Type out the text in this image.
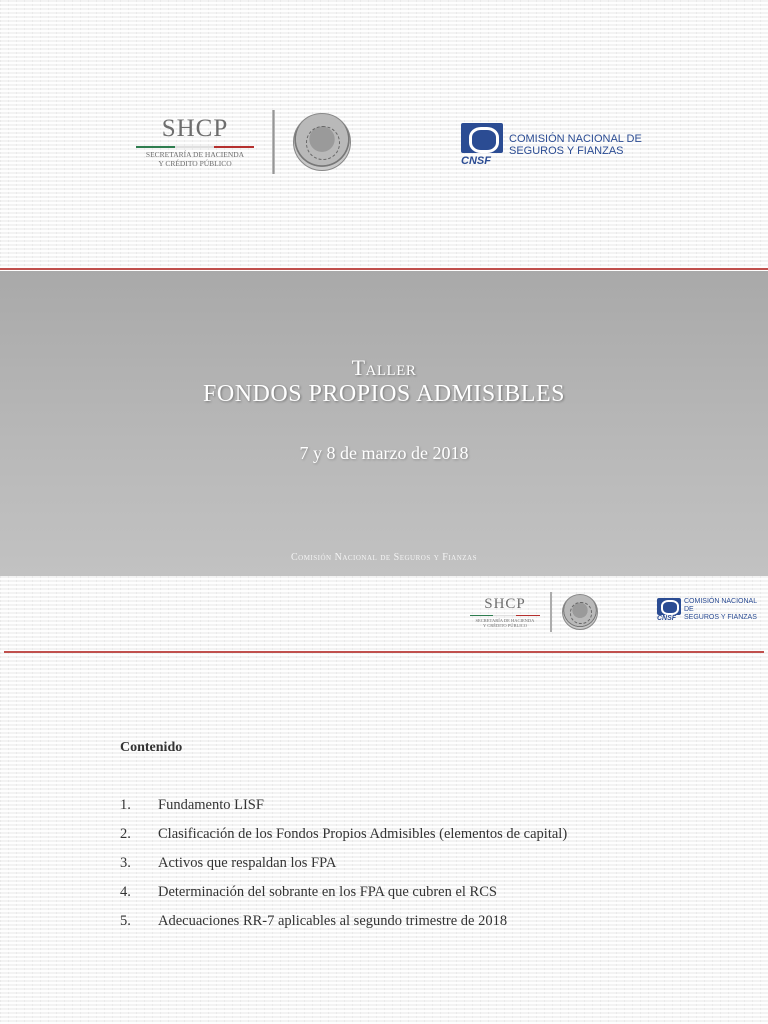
SHCP
SECRETARÍA DE HACIENDA
Y CRÉDITO PÚBLICO	CNSF
COMISIÓN NACIONAL DE
SEGUROS Y FIANZAS
Taller
FONDOS PROPIOS ADMISIBLES
7 y 8 de marzo de 2018
Comisión Nacional de Seguros y Fianzas
SHCP
SECRETARÍA DE HACIENDA
Y CRÉDITO PÚBLICO
CNSF
COMISIÓN NACIONAL DE
SEGUROS Y FIANZAS
Contenido
1.	Fundamento LISF
2.	Clasificación de los Fondos Propios Admisibles (elementos de capital)
3.	Activos que respaldan los FPA
4.	Determinación del sobrante en los FPA que cubren el RCS
5.	Adecuaciones RR-7 aplicables al segundo trimestre de 2018
